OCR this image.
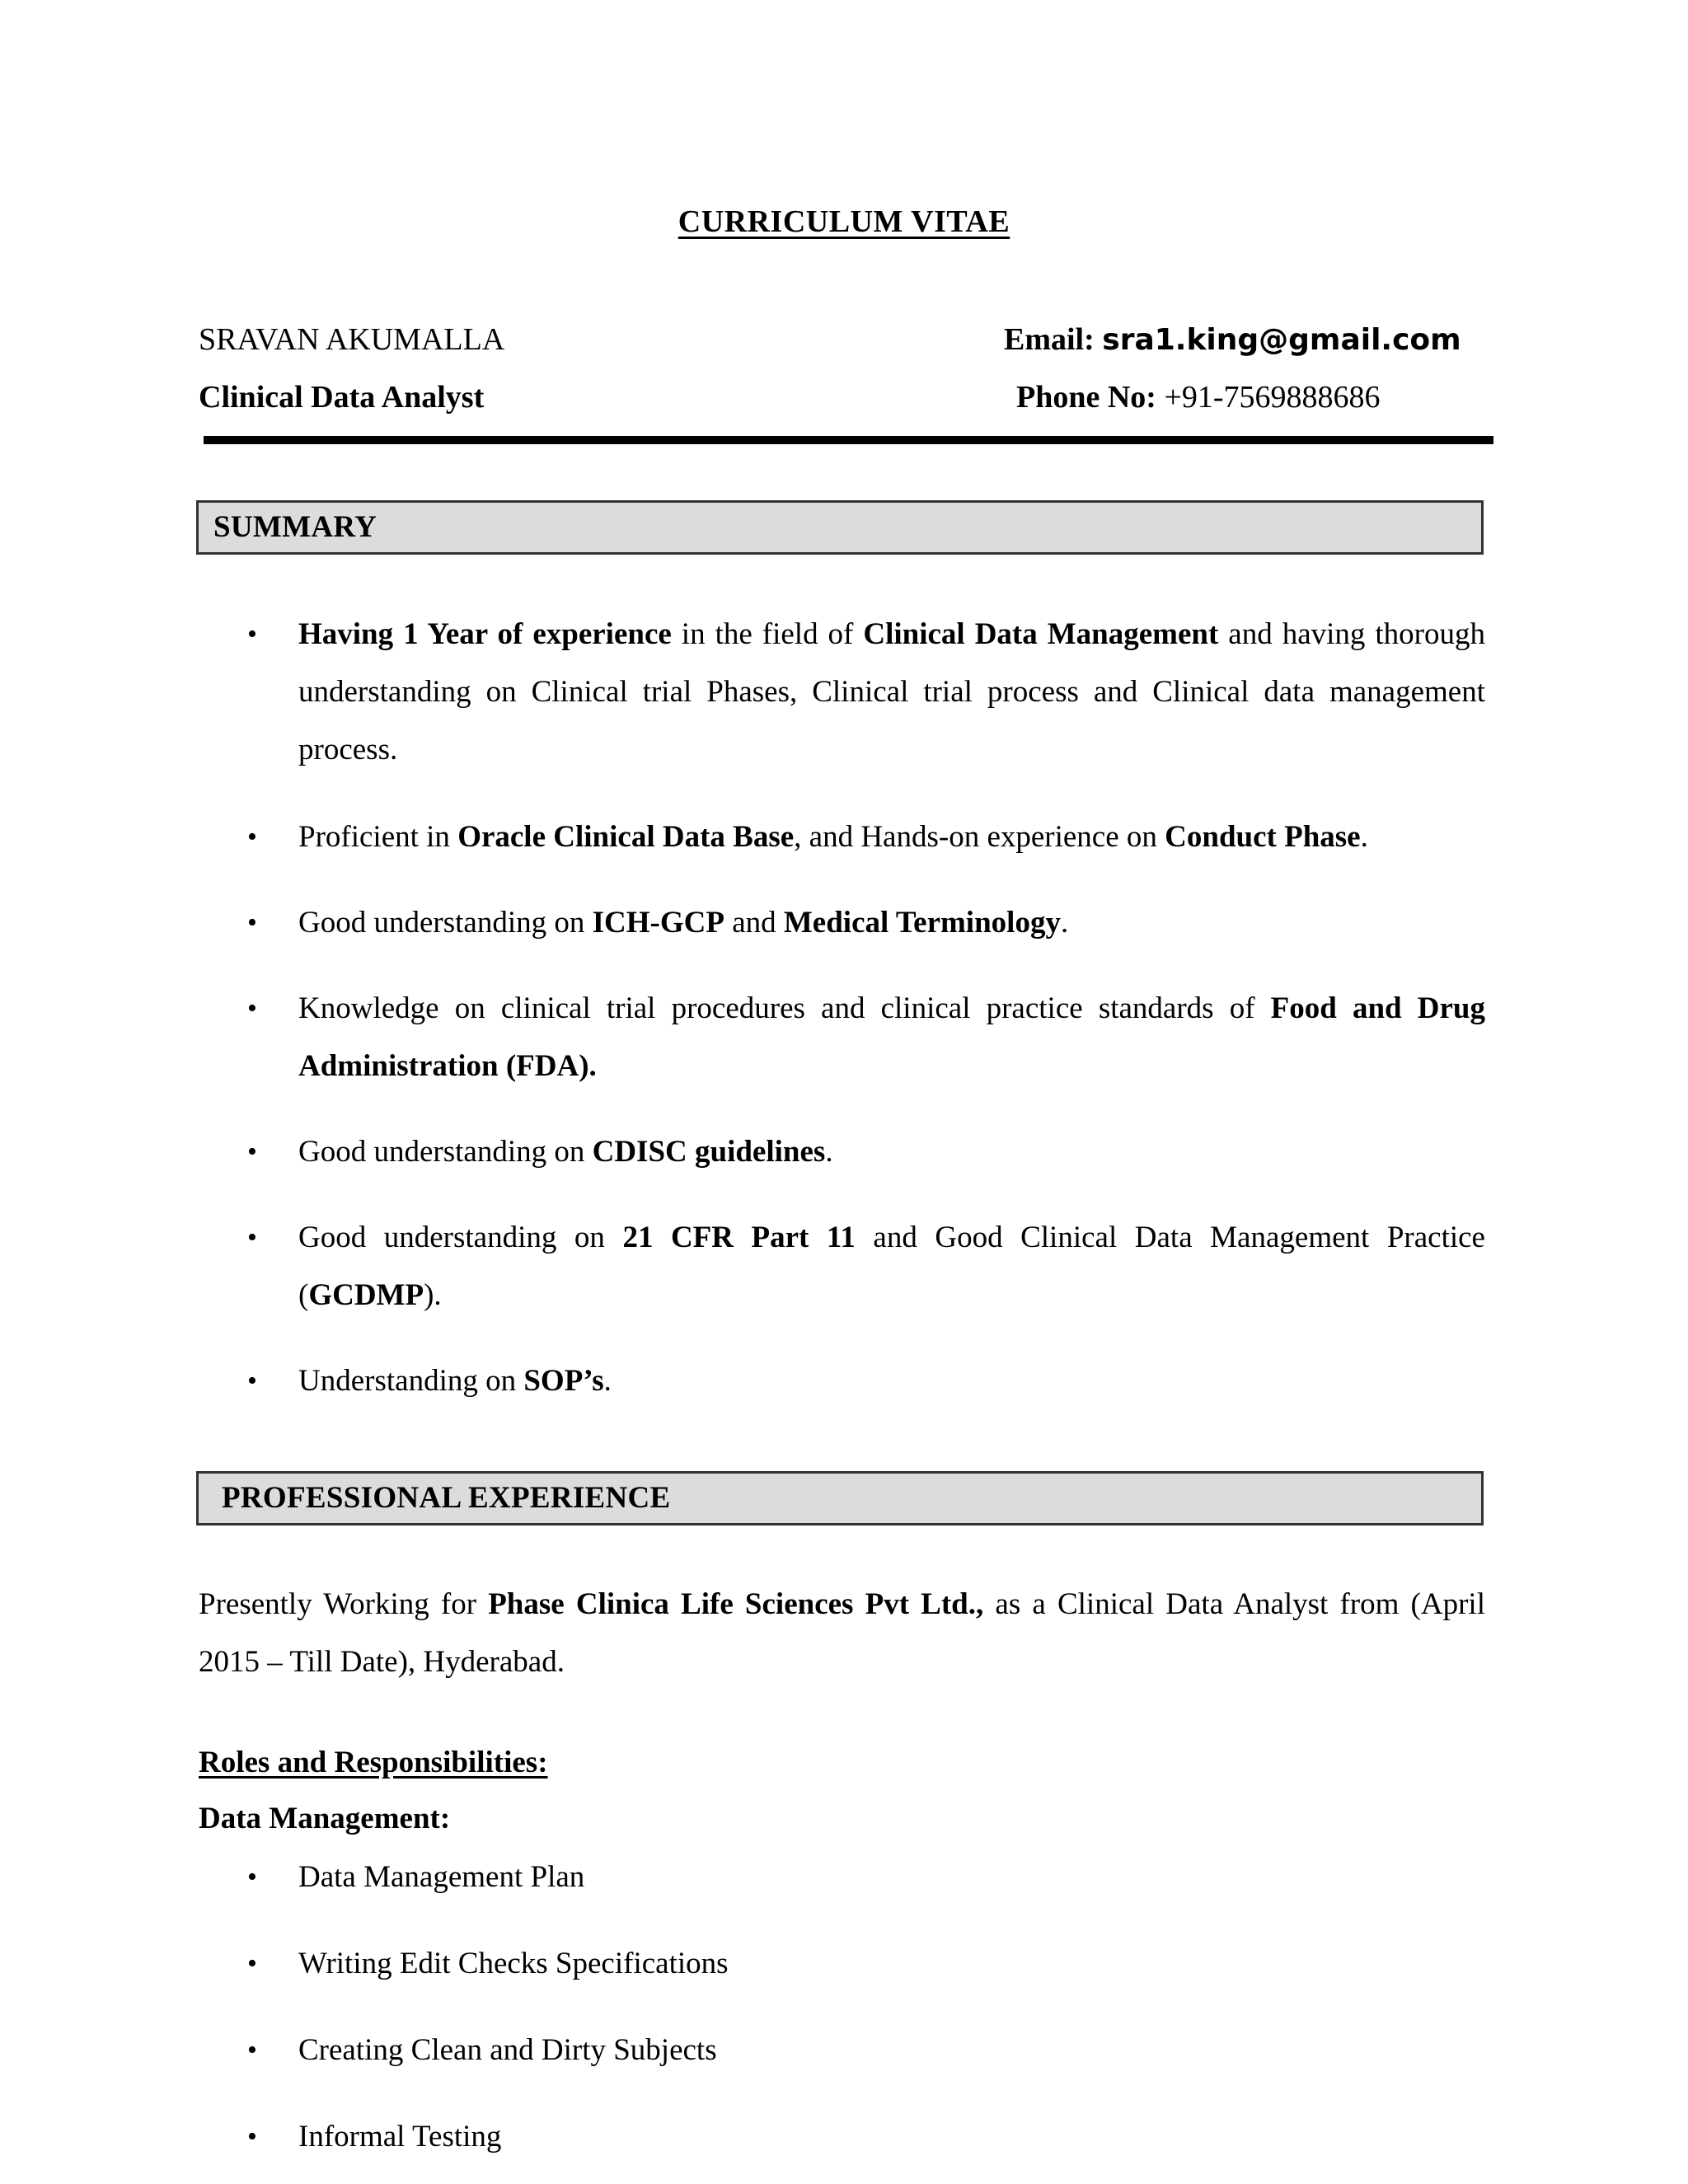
CURRICULUM VITAE
SRAVAN AKUMALLA
Clinical Data Analyst
Email: sra1.king@gmail.com
Phone No: +91-7569888686
SUMMARY
• Having 1 Year of experience in the field of Clinical Data Management and having thorough understanding on Clinical trial Phases, Clinical trial process and Clinical data management process.
• Proficient in Oracle Clinical Data Base, and Hands-on experience on Conduct Phase.
• Good understanding on ICH-GCP and Medical Terminology.
• Knowledge on clinical trial procedures and clinical practice standards of Food and Drug Administration (FDA).
• Good understanding on CDISC guidelines.
• Good understanding on 21 CFR Part 11 and Good Clinical Data Management Practice (GCDMP).
• Understanding on SOP’s.
PROFESSIONAL EXPERIENCE
Presently Working for Phase Clinica Life Sciences Pvt Ltd., as a Clinical Data Analyst from (April 2015 – Till Date), Hyderabad.
Roles and Responsibilities:
Data Management:
• Data Management Plan
• Writing Edit Checks Specifications
• Creating Clean and Dirty Subjects
• Informal Testing
